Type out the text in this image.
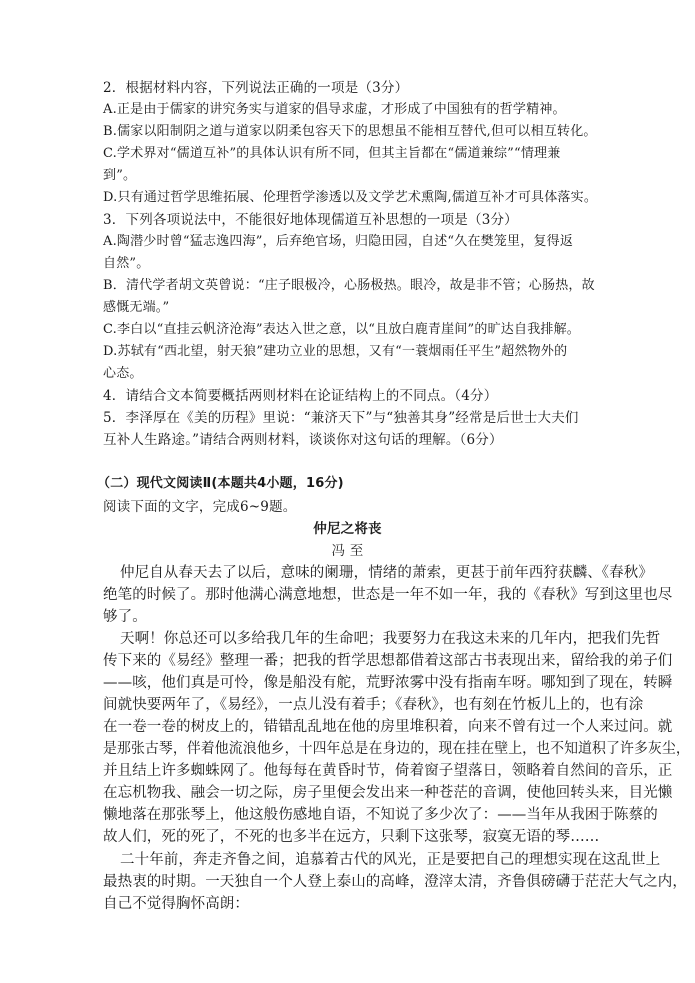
2．根据材料内容，下列说法正确的一项是（3分）
A.正是由于儒家的讲究务实与道家的倡导求虚，才形成了中国独有的哲学精神。
B.儒家以阳制阴之道与道家以阴柔包容天下的思想虽不能相互替代,但可以相互转化。
C.学术界对“儒道互补”的具体认识有所不同，但其主旨都在“儒道兼综”“情理兼
到”。
D.只有通过哲学思维拓展、伦理哲学渗透以及文学艺术熏陶,儒道互补才可具体落实。
3．下列各项说法中，不能很好地体现儒道互补思想的一项是（3分）
A.陶潜少时曾“猛志逸四海”，后弃绝官场，归隐田园，自述“久在樊笼里，复得返
自然”。
B．清代学者胡文英曾说：“庄子眼极冷，心肠极热。眼冷，故是非不管；心肠热，故
感慨无端。”
C.李白以“直挂云帆济沧海”表达入世之意，以“且放白鹿青崖间”的旷达自我排解。
D.苏轼有“西北望，射天狼”建功立业的思想，又有“一蓑烟雨任平生”超然物外的
心态。
4．请结合文本简要概括两则材料在论证结构上的不同点。（4分）
5．李泽厚在《美的历程》里说：“兼济天下”与“独善其身”经常是后世士大夫们
互补人生路途。”请结合两则材料，谈谈你对这句话的理解。（6分）
（二）现代文阅读Ⅱ(本题共4小题，16分)
阅读下面的文字，完成6~9题。
仲尼之将丧
冯 至
仲尼自从春天去了以后，意味的阑珊，情绪的萧索，更甚于前年西狩获麟、《春秋》
绝笔的时候了。那时他满心满意地想，世态是一年不如一年，我的《春秋》写到这里也尽
够了。
天啊！你总还可以多给我几年的生命吧；我要努力在我这未来的几年内，把我们先哲
传下来的《易经》整理一番；把我的哲学思想都借着这部古书表现出来，留给我的弟子们
——咳，他们真是可怜，像是船没有舵，荒野浓雾中没有指南车呀。哪知到了现在，转瞬
间就快要两年了，《易经》，一点儿没有着手；《春秋》，也有刻在竹板儿上的，也有涂
在一卷一卷的树皮上的，错错乱乱地在他的房里堆积着，向来不曾有过一个人来过问。就
是那张古琴，伴着他流浪他乡，十四年总是在身边的，现在挂在壁上，也不知道积了许多灰尘，
并且结上许多蜘蛛网了。他每每在黄昏时节，倚着窗子望落日，领略着自然间的音乐，正
在忘机物我、融会一切之际，房子里便会发出来一种苍茫的音调，使他回转头来，目光懒
懒地落在那张琴上，他这般伤感地自语，不知说了多少次了：——当年从我困于陈蔡的
故人们，死的死了，不死的也多半在远方，只剩下这张琴，寂寞无语的琴……
二十年前，奔走齐鲁之间，追慕着古代的风光，正是要把自己的理想实现在这乱世上
最热衷的时期。一天独自一个人登上泰山的高峰，澄滓太清，齐鲁俱磅礴于茫茫大气之内，
自己不觉得胸怀高朗：
